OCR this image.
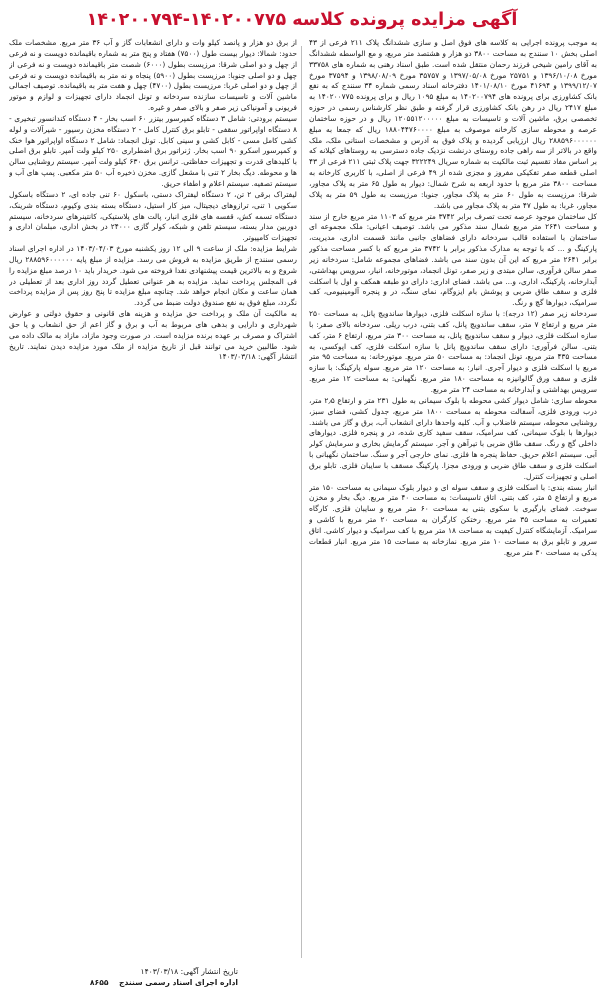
آگهی مزایده پرونده کلاسه ۱۴۰۲۰۰۷۷۵-۱۴۰۲۰۰۷۹۴

به موجب پرونده اجرایی به کلاسه های فوق اصل و سازی ششدانگ پلاک ۲۱۱ فرعی از ۴۳ اصلی بخش ۱۰ سنندج به مساحت ۳۸۰۰ دو هزار و هشتصد متر مربع، و مع الواسطه ششدانگ به آقای رامین شیخی فرزند رحمان منتقل شده است. طبق اسناد رهنی به شماره های ۳۳۷۵۸ مورخ ۱۳۹۶/۱۰/۰۸ و ۲۵۷۵۱ مورخ ۱۳۹۷/۰۵/۰۸ و ۳۵۷۵۷ مورخ ۱۳۹۸/۰۸/۰۹ و ۳۷۵۹۴ مورخ ۱۳۹۹/۱۲/۰۷ و ۴۱۶۹۴ مورخ ۱۴۰۱/۰۸/۱۰ دفترخانه اسناد رسمی شماره ۳۴ سنندج که به نفع بانک کشاورزی برای پرونده های ۱۴۰۲۰۰۷۹۴ به مبلغ ۱۰۹۵ ریال و برای پرونده ۱۴۰۲۰۰۷۷۵ به مبلغ ۲۴۱۷ ریال در رهن بانک کشاورزی قرار گرفته و طبق نظر کارشناس رسمی در حوزه تخصصی برق، ماشین آلات و تاسیسات به مبلغ ۱۲۰۵۵۱۲۰۰۰۰۰ ریال و در حوزه ساختمان عرصه و محوطه سازی کارخانه موصوف به مبلغ ۱۸۸۰۴۴۷۶۰۰۰۰ ریال که جمعا به مبلغ ۲۸۸۵۹۶۰۰۰۰۰۰ ریال ارزیابی گردیده و پلاک فوق به آدرس و مشخصات استانی ملک، ملک واقع در بالاتر از سه راهی جاده روستای درنشت نزدیک جاده دسترسی به روستاهای کیلانه که بر اساس مفاد تقسیم ثبت مالکیت به شماره سریال ۳۲۲۲۴۹ جهت پلاک ثبتی ۲۱۱ فرعی از ۴۳ اصلی قطعه صفر تفکیکی مفروز و مجزی شده از ۴۹ فرعی از اصلی، با کاربری کارخانه به مساحت ۳۸۰۰ متر مربع با حدود اربعه به شرح شمال: دیوار به طول ۶۵ متر به پلاک مجاور، شرقا: مرزیست به طول ۶۰ متر به پلاک مجاور، جنوبا: مرزیست به طول ۵۹ متر به پلاک مجاور، غربا: به طول ۴۷ متر به پلاک مجاور می باشد.

کل ساختمان موجود عرصه تحت تصرف برابر ۳۷۴۲ متر مربع که ۱۱۰۳ متر مربع خارج از سند و مساحت ۲۶۴۱ متر مربع شمال سند مذکور می باشد. توصیف اعیانی: ملک مجموعه ای ساختمان با استفاده قالب سردخانه دارای فضاهای جانبی مانند قسمت اداری، مدیریت، پارکینگ و ... که با توجه به مدارک مذکور برابر با ۳۷۴۲ متر مربع که با کسر مساحت مذکور برابر ۲۶۴۱ متر مربع که این آن بدون سند می باشد. فضاهای مجموعه شامل: سردخانه زیر صفر سالن فرآوری، سالن مبتدی و زیر صفر، تونل انجماد، موتورخانه، انبار، سرویس بهداشتی، آبدارخانه، پارکینگ، اداری، و... می باشد. فضای اداری: دارای دو طبقه همکف و اول با اسکلت فلزی و سقف طاق ضربی و پوشش بام ایزوگام، نمای سنگ، در و پنجره آلومینیومی، کف سرامیک، دیوارها گچ و رنگ.

سردخانه زیر صفر (۱۲ درجه): با سازه اسکلت فلزی، دیوارها ساندویچ پانل، به مساحت ۲۵۰ متر مربع و ارتفاع ۷ متر، سقف ساندویچ پانل، کف بتنی، درب ریلی. سردخانه بالای صفر: با سازه اسکلت فلزی، دیوار و سقف ساندویچ پانل، به مساحت ۳۰۰ متر مربع، ارتفاع ۶ متر، کف بتنی. سالن فرآوری: دارای سقف ساندویچ پانل با سازه اسکلت فلزی، کف اپوکسی، به مساحت ۴۳۵ متر مربع، تونل انجماد: به مساحت ۵۰ متر مربع. موتورخانه: به مساحت ۹۵ متر مربع با اسکلت فلزی و دیوار آجری. انبار: به مساحت ۱۲۰ متر مربع. سوله پارکینگ: با سازه فلزی و سقف ورق گالوانیزه به مساحت ۱۸۰ متر مربع. نگهبانی: به مساحت ۱۲ متر مربع. سرویس بهداشتی و آبدارخانه به مساحت ۲۴ متر مربع.

محوطه سازی: شامل دیوار کشی محوطه با بلوک سیمانی به طول ۲۳۱ متر و ارتفاع ۲٫۵ متر، درب ورودی فلزی، آسفالت محوطه به مساحت ۱۸۰۰ متر مربع، جدول کشی، فضای سبز، روشنایی محوطه، سیستم فاضلاب و آب. کلیه واحدها دارای انشعاب آب، برق و گاز می باشند. دیوارها با بلوک سیمانی، کف سرامیک، سقف سفید کاری شده، در و پنجره فلزی. دیوارهای داخلی گچ و رنگ. سقف طاق ضربی با تیرآهن و آجر. سیستم گرمایش بخاری و سرمایش کولر آبی. سیستم اعلام حریق. حفاظ پنجره ها فلزی. نمای خارجی آجر و سنگ. ساختمان نگهبانی با اسکلت فلزی و سقف طاق ضربی و ورودی مجزا. پارکینگ مسقف با سایبان فلزی. تابلو برق اصلی و تجهیزات کنترل.

انبار بسته بندی: با اسکلت فلزی و سقف سوله ای و دیوار بلوک سیمانی به مساحت ۱۵۰ متر مربع و ارتفاع ۵ متر، کف بتنی. اتاق تاسیسات: به مساحت ۴۰ متر مربع. دیگ بخار و مخزن سوخت. فضای بارگیری با سکوی بتنی به مساحت ۶۰ متر مربع و سایبان فلزی. کارگاه تعمیرات به مساحت ۳۵ متر مربع. رختکن کارگران به مساحت ۲۰ متر مربع با کاشی و سرامیک. آزمایشگاه کنترل کیفیت به مساحت ۱۸ متر مربع با کف سرامیک و دیوار کاشی. اتاق سرور و تابلو برق به مساحت ۱۰ متر مربع. نمازخانه به مساحت ۱۵ متر مربع. انبار قطعات یدکی به مساحت ۳۰ متر مربع.

از برق دو هزار و پانصد کیلو وات و دارای انشعابات گاز و آب ۳۶ متر مربع. مشخصات ملک حدود: شمالا: دیوار بیست طول (۷۵۰۰) هفتاد و پنج متر به شماره باقیمانده دویست و نه فرعی از چهل و دو اصلی شرقا: مرزیست بطول (۶۰۰۰) شصت متر باقیمانده دویست و نه فرعی از چهل و دو اصلی جنوبا: مرزیست بطول (۵۹۰۰) پنجاه و نه متر به باقیمانده دویست و نه فرعی از چهل و دو اصلی غربا: مرزیست بطول (۴۷۰۰) چهل و هفت متر به باقیمانده. توصیف اجمالی ماشین آلات و تاسیسات سازنده سردخانه و تونل انجماد دارای تجهیزات و لوازم و موتور فریونی و آمونیاکی زیر صفر و بالای صفر و غیره.

سیستم برودتی: شامل ۳ دستگاه کمپرسور بیتزر ۶۰ اسب بخار - ۴ دستگاه کندانسور تبخیری - ۸ دستگاه اواپراتور سقفی - تابلو برق کنترل کامل - ۲ دستگاه مخزن رسیور - شیرآلات و لوله کشی کامل مسی - کابل کشی و سینی کابل. تونل انجماد: شامل ۲ دستگاه اواپراتور هوا خنک و کمپرسور اسکرو ۹۰ اسب بخار. ژنراتور برق اضطراری ۲۵۰ کیلو ولت آمپر. تابلو برق اصلی با کلیدهای قدرت و تجهیزات حفاظتی. ترانس برق ۶۳۰ کیلو ولت آمپر. سیستم روشنایی سالن ها و محوطه. دیگ بخار ۲ تنی با مشعل گازی. مخزن ذخیره آب ۵۰ متر مکعبی. پمپ های آب و سیستم تصفیه. سیستم اعلام و اطفاء حریق.

لیفتراک برقی ۲ تن، ۲ دستگاه لیفتراک دستی، باسکول ۶۰ تنی جاده ای، ۲ دستگاه باسکول سکویی ۱ تنی، ترازوهای دیجیتال، میز کار استیل، دستگاه بسته بندی وکیوم، دستگاه شرینک، دستگاه تسمه کش، قفسه های فلزی انبار، پالت های پلاستیکی، کانتینرهای سردخانه، سیستم دوربین مدار بسته، سیستم تلفن و شبکه، کولر گازی ۲۴۰۰۰ در بخش اداری، مبلمان اداری و تجهیزات کامپیوتر.

شرایط مزایده: ملک از ساعت ۹ الی ۱۲ روز یکشنبه مورخ ۱۴۰۳/۰۴/۰۳ در اداره اجرای اسناد رسمی سنندج از طریق مزایده به فروش می رسد. مزایده از مبلغ پایه ۲۸۸۵۹۶۰۰۰۰۰۰ ریال شروع و به بالاترین قیمت پیشنهادی نقدا فروخته می شود. خریدار باید ۱۰ درصد مبلغ مزایده را فی المجلس پرداخت نماید. مزایده به هر عنوانی تعطیل گردد روز اداری بعد از تعطیلی در همان ساعت و مکان انجام خواهد شد. چنانچه مبلغ مزایده تا پنج روز پس از مزایده پرداخت نگردد، مبلغ فوق به نفع صندوق دولت ضبط می گردد.

به مالکیت آن ملک و پرداخت حق مزایده و هزینه های قانونی و حقوق دولتی و عوارض شهرداری و دارایی و بدهی های مربوط به آب و برق و گاز اعم از حق انشعاب و یا حق اشتراک و مصرف بر عهده برنده مزایده است. در صورت وجود مازاد، مازاد به مالک داده می شود. طالبین خرید می توانند قبل از تاریخ مزایده از ملک مورد مزایده دیدن نمایند. تاریخ انتشار آگهی: ۱۴۰۳/۰۳/۱۸

تاریخ انتشار آگهی: ۱۴۰۳/۰۳/۱۸
اداره اجرای اسناد رسمی سنندج    ۸۶۵۵
